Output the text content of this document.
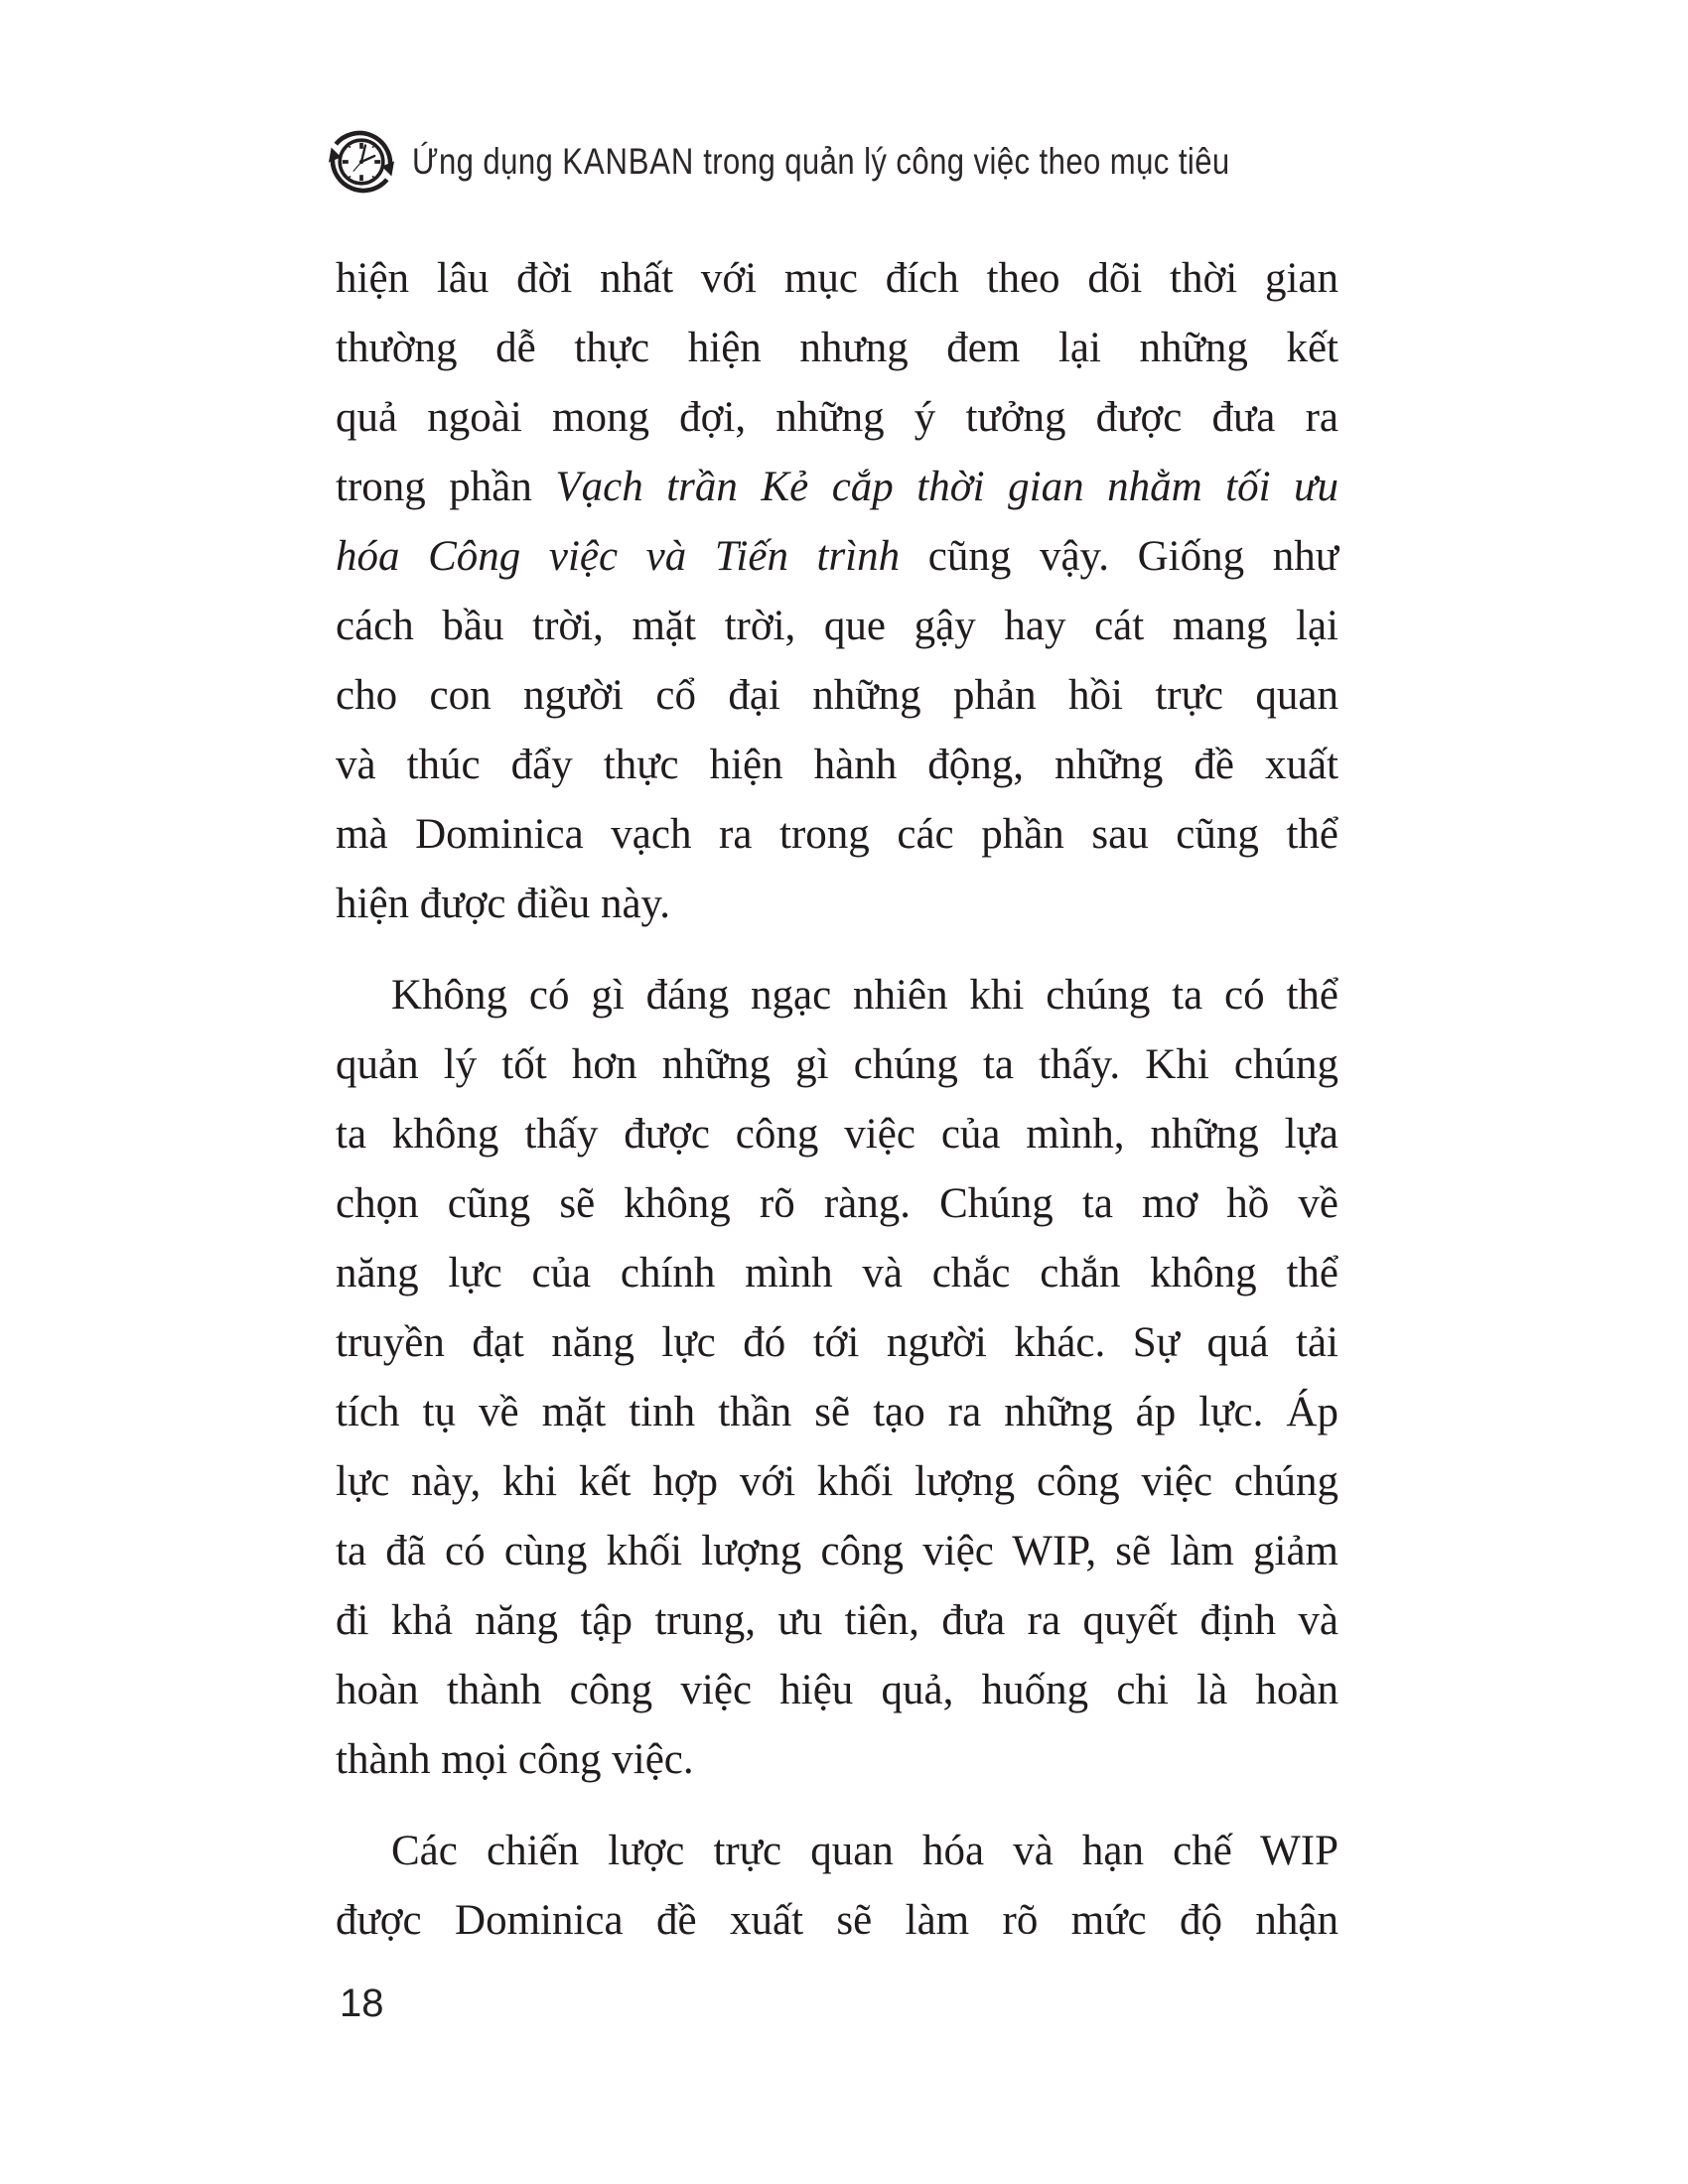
Ứng dụng KANBAN trong quản lý công việc theo mục tiêu

hiện lâu đời nhất với mục đích theo dõi thời gian

thường dễ thực hiện nhưng đem lại những kết

quả ngoài mong đợi, những ý tưởng được đưa ra

trong phần Vạch trần Kẻ cắp thời gian nhằm tối ưu

hóa Công việc và Tiến trình cũng vậy. Giống như

cách bầu trời, mặt trời, que gậy hay cát mang lại

cho con người cổ đại những phản hồi trực quan

và thúc đẩy thực hiện hành động, những đề xuất

mà Dominica vạch ra trong các phần sau cũng thể

hiện được điều này.

Không có gì đáng ngạc nhiên khi chúng ta có thể

quản lý tốt hơn những gì chúng ta thấy. Khi chúng

ta không thấy được công việc của mình, những lựa

chọn cũng sẽ không rõ ràng. Chúng ta mơ hồ về

năng lực của chính mình và chắc chắn không thể

truyền đạt năng lực đó tới người khác. Sự quá tải

tích tụ về mặt tinh thần sẽ tạo ra những áp lực. Áp

lực này, khi kết hợp với khối lượng công việc chúng

ta đã có cùng khối lượng công việc WIP, sẽ làm giảm

đi khả năng tập trung, ưu tiên, đưa ra quyết định và

hoàn thành công việc hiệu quả, huống chi là hoàn

thành mọi công việc.

Các chiến lược trực quan hóa và hạn chế WIP

được Dominica đề xuất sẽ làm rõ mức độ nhận

18
